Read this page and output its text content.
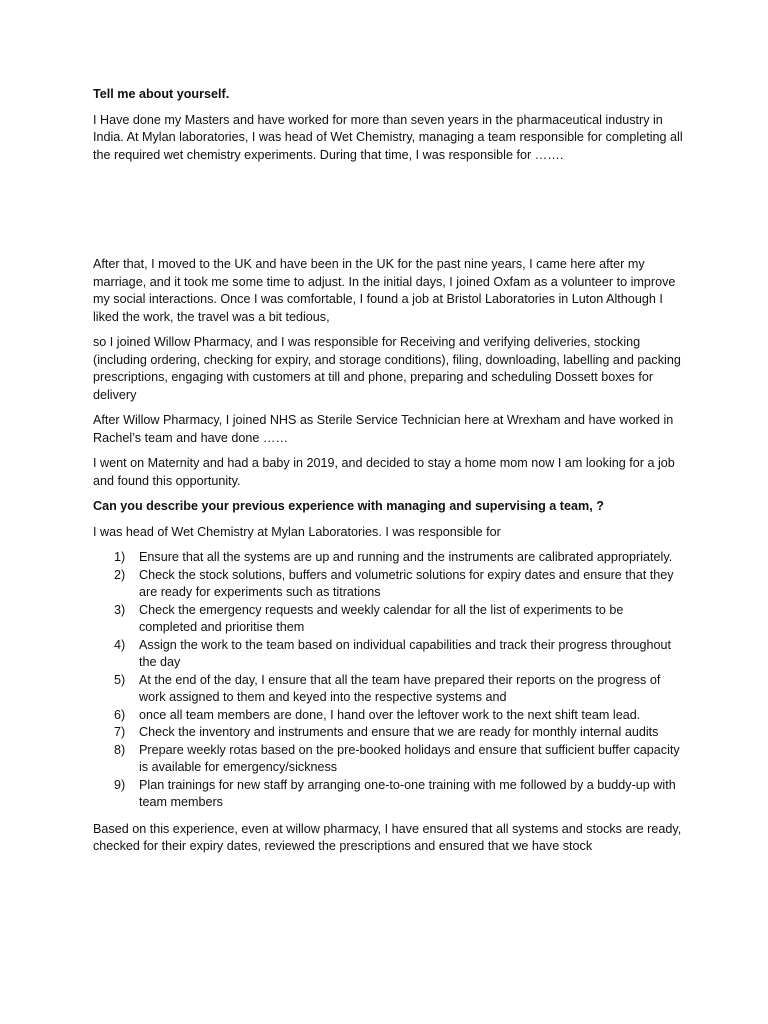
Tell me about yourself.

I Have done my Masters and have worked for more than seven years in the pharmaceutical industry in India. At Mylan laboratories, I was head of Wet Chemistry, managing a team responsible for completing all the required wet chemistry experiments. During that time, I was responsible for …….

After that, I moved to the UK and have been in the UK for the past nine years, I came here after my marriage, and it took me some time to adjust. In the initial days, I joined Oxfam as a volunteer to improve my social interactions. Once I was comfortable, I found a job at Bristol Laboratories in Luton Although I liked the work, the travel was a bit tedious,

so I joined Willow Pharmacy, and I was responsible for Receiving and verifying deliveries, stocking (including ordering, checking for expiry, and storage conditions), filing, downloading, labelling and packing prescriptions, engaging with customers at till and phone, preparing and scheduling Dossett boxes for delivery

After Willow Pharmacy, I joined NHS as Sterile Service Technician here at Wrexham and have worked in Rachel’s team and have done ……

I went on Maternity and had a baby in 2019, and decided to stay a home mom now I am looking for a job and found this opportunity.

Can you describe your previous experience with managing and supervising a team, ?

I was head of Wet Chemistry at Mylan Laboratories. I was responsible for

1) Ensure that all the systems are up and running and the instruments are calibrated appropriately.
2) Check the stock solutions, buffers and volumetric solutions for expiry dates and ensure that they are ready for experiments such as titrations
3) Check the emergency requests and weekly calendar for all the list of experiments to be completed and prioritise them
4) Assign the work to the team based on individual capabilities and track their progress throughout the day
5) At the end of the day, I ensure that all the team have prepared their reports on the progress of work assigned to them and keyed into the respective systems and
6) once all team members are done, I hand over the leftover work to the next shift team lead.
7) Check the inventory and instruments and ensure that we are ready for monthly internal audits
8) Prepare weekly rotas based on the pre-booked holidays and ensure that sufficient buffer capacity is available for emergency/sickness
9) Plan trainings for new staff by arranging one-to-one training with me followed by a buddy-up with team members

Based on this experience, even at willow pharmacy, I have ensured that all systems and stocks are ready, checked for their expiry dates, reviewed the prescriptions and ensured that we have stock
